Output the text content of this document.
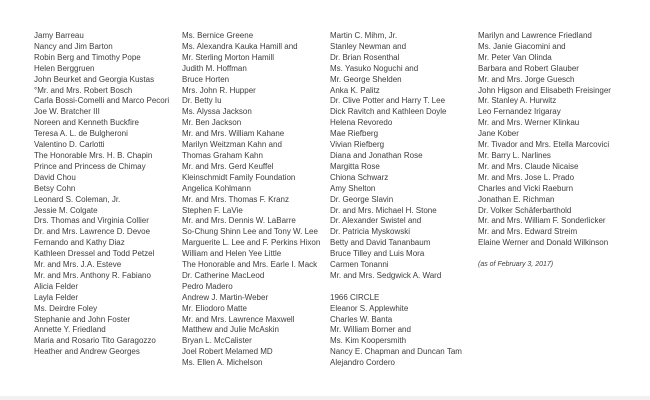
Jamy Barreau
Nancy and Jim Barton
Robin Berg and Timothy Pope
Helen Berggruen
John Beurket and Georgia Kustas
°Mr. and Mrs. Robert Bosch
Carla Bossi-Comelli and Marco Pecori
Joe W. Bratcher III
Noreen and Kenneth Buckfire
Teresa A. L. de Bulgheroni
Valentino D. Carlotti
The Honorable Mrs. H. B. Chapin
Prince and Princess de Chimay
David Chou
Betsy Cohn
Leonard S. Coleman, Jr.
Jessie M. Colgate
Drs. Thomas and Virginia Collier
Dr. and Mrs. Lawrence D. Devoe
Fernando and Kathy Diaz
Kathleen Dressel and Todd Petzel
Mr. and Mrs. J.A. Esteve
Mr. and Mrs. Anthony R. Fabiano
Alicia Felder
Layla Felder
Ms. Deirdre Foley
Stephanie and John Foster
Annette Y. Friedland
Maria and Rosario Tito Garagozzo
Heather and Andrew Georges
Ms. Bernice Greene
Ms. Alexandra Kauka Hamill and
Mr. Sterling Morton Hamill
Judith M. Hoffman
Bruce Horten
Mrs. John R. Hupper
Dr. Betty Iu
Ms. Alyssa Jackson
Mr. Ben Jackson
Mr. and Mrs. William Kahane
Marilyn Weitzman Kahn and
Thomas Graham Kahn
Mr. and Mrs. Gerd Keuffel
Kleinschmidt Family Foundation
Angelica Kohlmann
Mr. and Mrs. Thomas F. Kranz
Stephen F. LaVie
Mr. and Mrs. Dennis W. LaBarre
So-Chung Shinn Lee and Tony W. Lee
Marguerite L. Lee and F. Perkins Hixon
William and Helen Yee Little
The Honorable and Mrs. Earle I. Mack
Dr. Catherine MacLeod
Pedro Madero
Andrew J. Martin-Weber
Mr. Eliodoro Matte
Mr. and Mrs. Lawrence Maxwell
Matthew and Julie McAskin
Bryan L. McCalister
Joel Robert Melamed MD
Ms. Ellen A. Michelson
Martin C. Mihm, Jr.
Stanley Newman and
Dr. Brian Rosenthal
Ms. Yasuko Noguchi and
Mr. George Shelden
Anka K. Palitz
Dr. Clive Potter and Harry T. Lee
Dick Ravitch and Kathleen Doyle
Helena Revoredo
Mae Riefberg
Vivian Riefberg
Diana and Jonathan Rose
Margitta Rose
Chiona Schwarz
Amy Shelton
Dr. George Slavin
Dr. and Mrs. Michael H. Stone
Dr. Alexander Swistel and
Dr. Patricia Myskowski
Betty and David Tananbaum
Bruce Tilley and Luis Mora
Carmen Tonanni
Mr. and Mrs. Sedgwick A. Ward
1966 CIRCLE
Eleanor S. Applewhite
Charles W. Banta
Mr. William Borner and
Ms. Kim Koopersmith
Nancy E. Chapman and Duncan Tam
Alejandro Cordero
Marilyn and Lawrence Friedland
Ms. Janie Giacomini and
Mr. Peter Van Olinda
Barbara and Robert Glauber
Mr. and Mrs. Jorge Guesch
John Higson and Elisabeth Freisinger
Mr. Stanley A. Hurwitz
Leo Fernandez Irigaray
Mr. and Mrs. Werner Klinkau
Jane Kober
Mr. Tivador and Mrs. Etella Marcovici
Mr. Barry L. Narlines
Mr. and Mrs. Claude Nicaise
Mr. and Mrs. Jose L. Prado
Charles and Vicki Raeburn
Jonathan E. Richman
Dr. Volker Schäferbarthold
Mr. and Mrs. William F. Sonderlicker
Mr. and Mrs. Edward Streim
Elaine Werner and Donald Wilkinson
(as of February 3, 2017)
